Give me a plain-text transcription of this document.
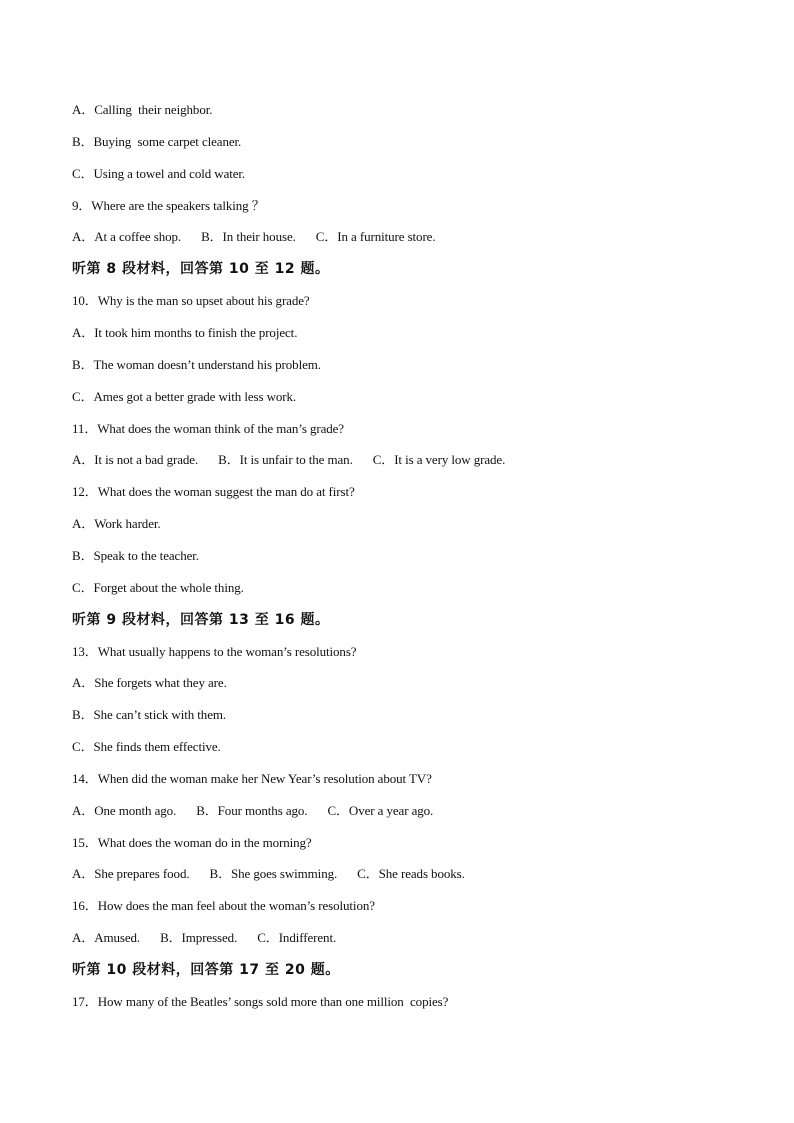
A．Calling  their neighbor.
B．Buying  some carpet cleaner.
C．Using a towel and cold water.
9．Where are the speakers talking ？
A．At a coffee shop. B．In their house. C．In a furniture store.
听第 8 段材料，回答第 10 至 12 题。
10．Why is the man so upset about his grade?
A．It took him months to finish the project.
B．The woman doesn’t understand his problem.
C．Ames got a better grade with less work.
11．What does the woman think of the man’s grade?
A．It is not a bad grade. B．It is unfair to the man. C．It is a very low grade.
12．What does the woman suggest the man do at first?
A．Work harder.
B．Speak to the teacher.
C．Forget about the whole thing.
听第 9 段材料，回答第 13 至 16 题。
13．What usually happens to the woman’s resolutions?
A．She forgets what they are.
B．She can’t stick with them.
C．She finds them effective.
14．When did the woman make her New Year’s resolution about TV?
A．One month ago. B．Four months ago. C．Over a year ago.
15．What does the woman do in the morning?
A．She prepares food. B．She goes swimming. C．She reads books.
16．How does the man feel about the woman’s resolution?
A．Amused. B．Impressed. C．Indifferent.
听第 10 段材料，回答第 17 至 20 题。
17．How many of the Beatles’ songs sold more than one million  copies?
